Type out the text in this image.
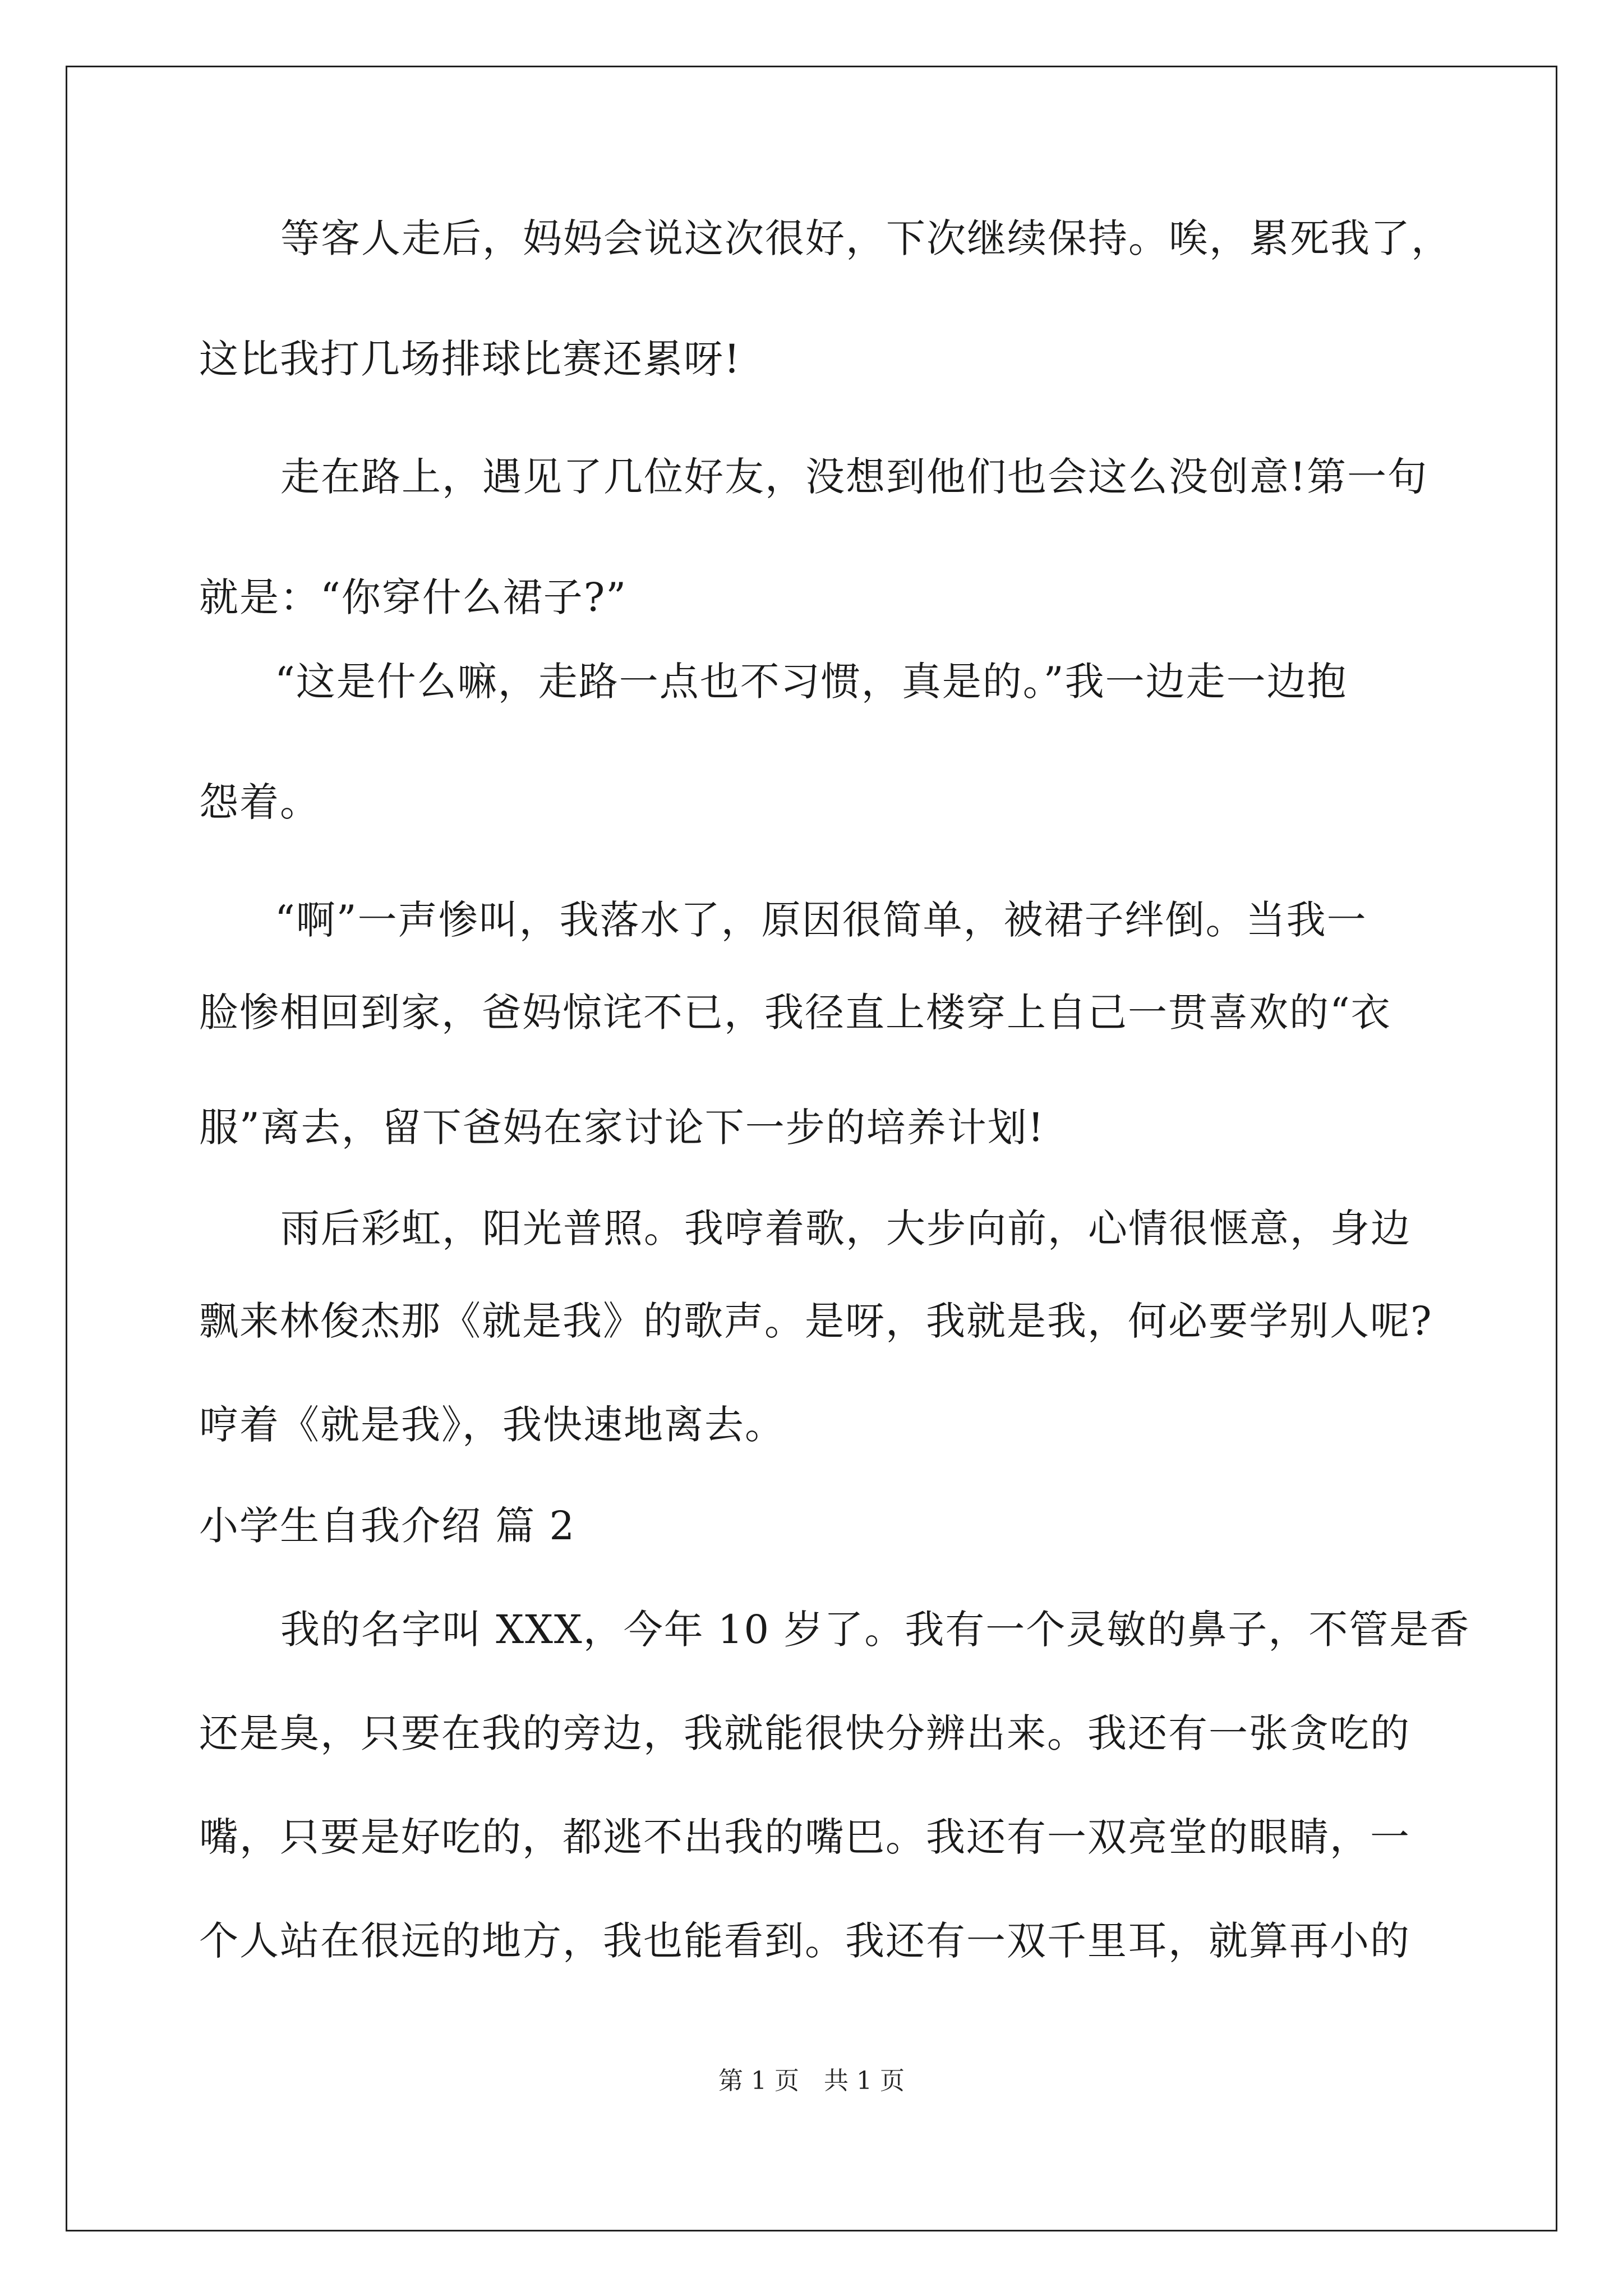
等客人走后，妈妈会说这次很好，下次继续保持。唉，累死我了，
这比我打几场排球比赛还累呀!
走在路上，遇见了几位好友，没想到他们也会这么没创意!第一句
就是：“你穿什么裙子?”
“这是什么嘛，走路一点也不习惯，真是的。”我一边走一边抱
怨着。
“啊”一声惨叫，我落水了，原因很简单，被裙子绊倒。当我一
脸惨相回到家，爸妈惊诧不已，我径直上楼穿上自己一贯喜欢的“衣
服”离去，留下爸妈在家讨论下一步的培养计划!
雨后彩虹，阳光普照。我哼着歌，大步向前，心情很惬意，身边
飘来林俊杰那《就是我》的歌声。是呀，我就是我，何必要学别人呢?
哼着《就是我》，我快速地离去。
小学生自我介绍 篇 2
我的名字叫 XXX，今年 10 岁了。我有一个灵敏的鼻子，不管是香
还是臭，只要在我的旁边，我就能很快分辨出来。我还有一张贪吃的
嘴，只要是好吃的，都逃不出我的嘴巴。我还有一双亮堂的眼睛，一
个人站在很远的地方，我也能看到。我还有一双千里耳，就算再小的
第 1 页　共 1 页
